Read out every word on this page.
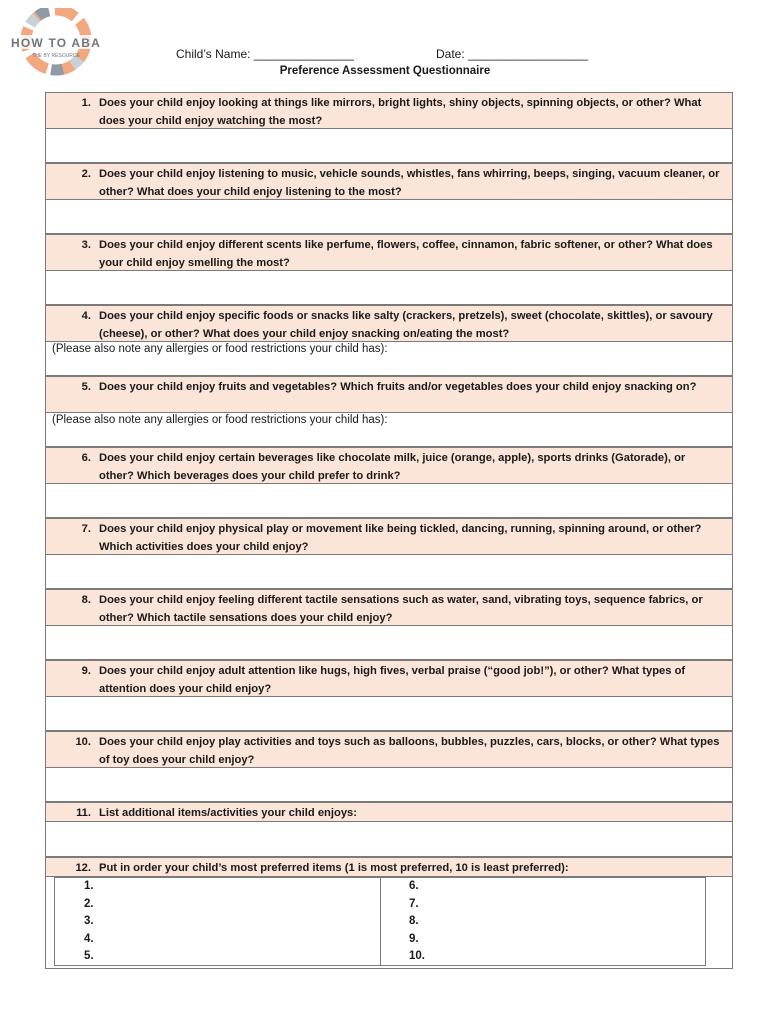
HOW TO ABA
THE BY RESOURCE	Child’s Name: _______________	Date: __________________
Preference Assessment Questionnaire
1. Does your child enjoy looking at things like mirrors, bright lights, shiny objects, spinning objects, or other? What does your child enjoy watching the most?
2. Does your child enjoy listening to music, vehicle sounds, whistles, fans whirring, beeps, singing, vacuum cleaner, or other? What does your child enjoy listening to the most?
3. Does your child enjoy different scents like perfume, flowers, coffee, cinnamon, fabric softener, or other? What does your child enjoy smelling the most?
4. Does your child enjoy specific foods or snacks like salty (crackers, pretzels), sweet (chocolate, skittles), or savoury (cheese), or other? What does your child enjoy snacking on/eating the most?
(Please also note any allergies or food restrictions your child has):
5. Does your child enjoy fruits and vegetables? Which fruits and/or vegetables does your child enjoy snacking on?
(Please also note any allergies or food restrictions your child has):
6. Does your child enjoy certain beverages like chocolate milk, juice (orange, apple), sports drinks (Gatorade), or other? Which beverages does your child prefer to drink?
7. Does your child enjoy physical play or movement like being tickled, dancing, running, spinning around, or other? Which activities does your child enjoy?
8. Does your child enjoy feeling different tactile sensations such as water, sand, vibrating toys, sequence fabrics, or other? Which tactile sensations does your child enjoy?
9. Does your child enjoy adult attention like hugs, high fives, verbal praise (“good job!”), or other? What types of attention does your child enjoy?
10. Does your child enjoy play activities and toys such as balloons, bubbles, puzzles, cars, blocks, or other? What types of toy does your child enjoy?
11. List additional items/activities your child enjoys:
12. Put in order your child’s most preferred items (1 is most preferred, 10 is least preferred):
1.
2.
3.
4.
5.
6.
7.
8.
9.
10.
